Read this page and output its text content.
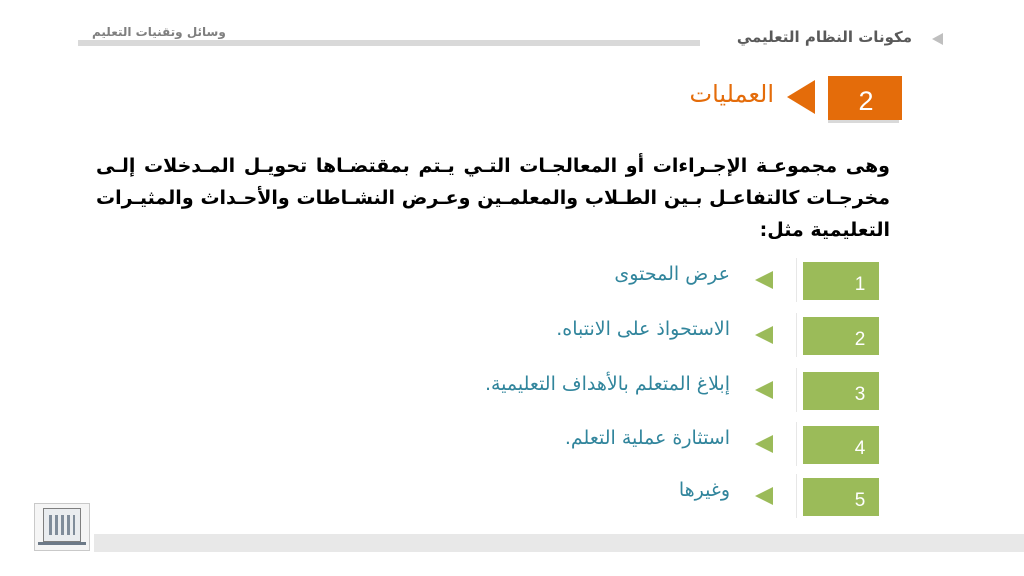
وسائل وتقنيات التعليم	مكونات النظام التعليمي
2
العمليات
وهى مجموعـة الإجـراءات أو المعالجـات التـي يـتم بمقتضـاها تحويـل المـدخلات إلـى مخرجـات كالتفاعـل بـين الطـلاب والمعلمـين وعـرض النشـاطات والأحـداث والمثيـرات التعليمية مثل:
1
عرض المحتوى
2
الاستحواذ على الانتباه.
3
إبلاغ المتعلم بالأهداف التعليمية.
4
استثارة عملية التعلم.
5
وغيرها
